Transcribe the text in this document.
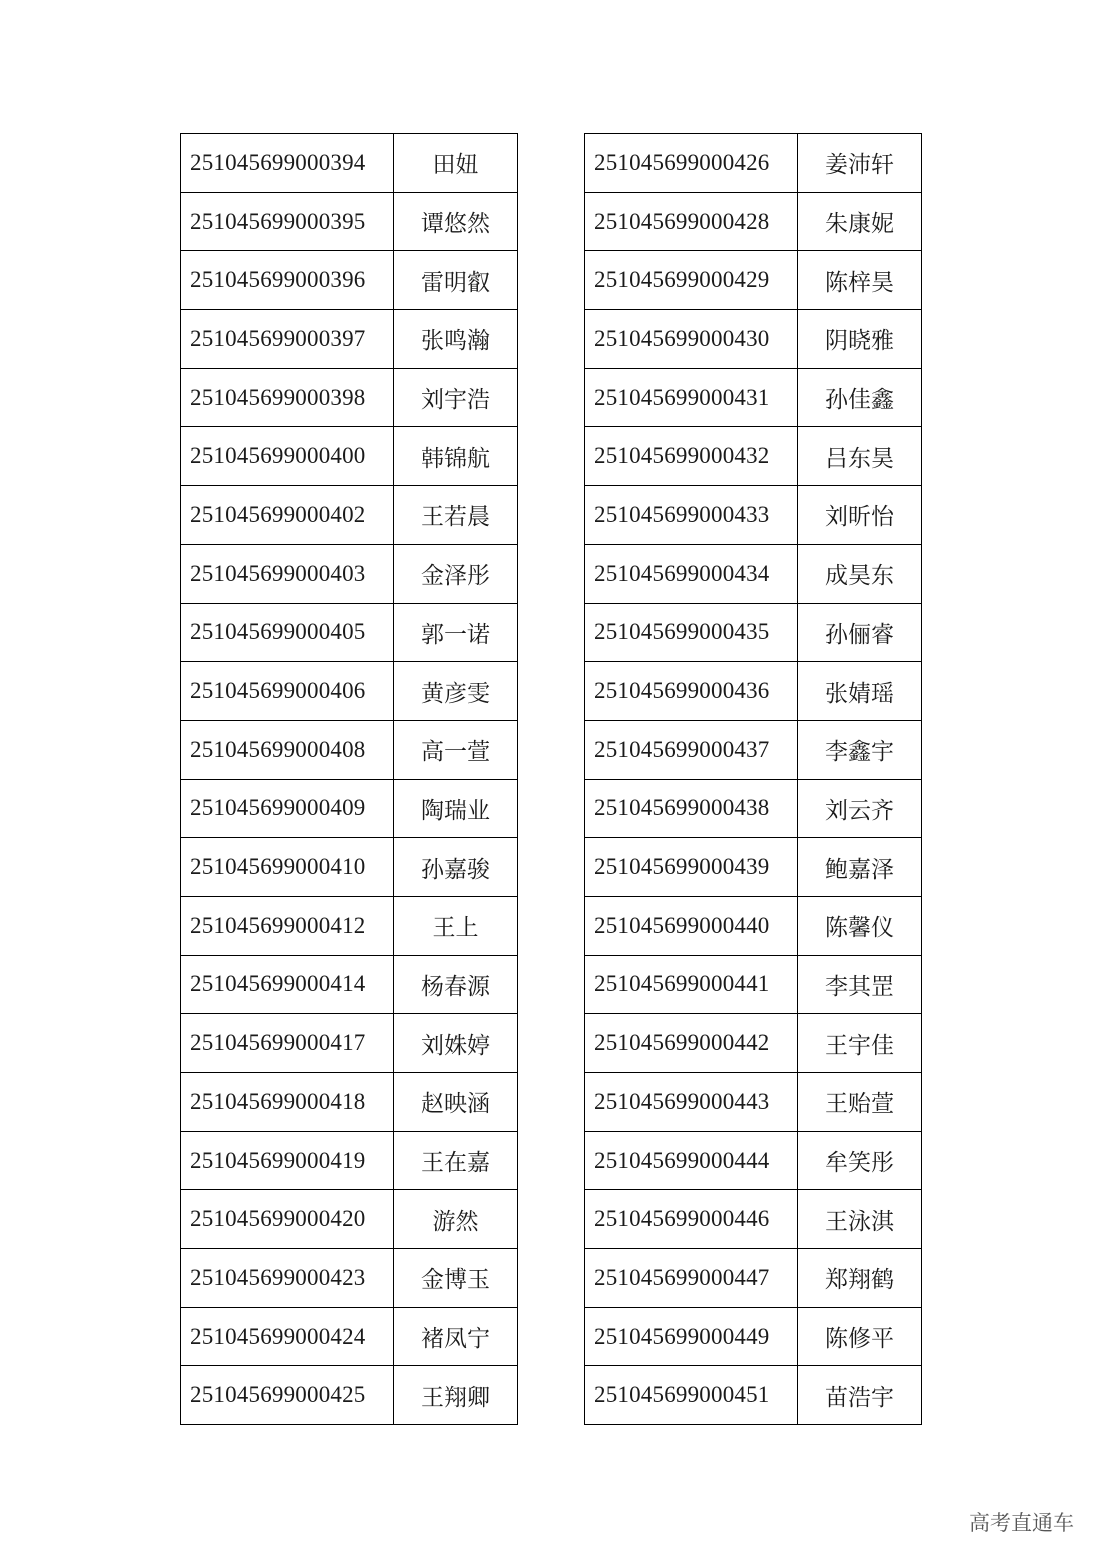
251045699000394	田妞
251045699000395	谭悠然
251045699000396	雷明叡
251045699000397	张鸣瀚
251045699000398	刘宇浩
251045699000400	韩锦航
251045699000402	王若晨
251045699000403	金泽彤
251045699000405	郭一诺
251045699000406	黄彦雯
251045699000408	高一萱
251045699000409	陶瑞业
251045699000410	孙嘉骏
251045699000412	王上
251045699000414	杨春源
251045699000417	刘姝婷
251045699000418	赵映涵
251045699000419	王在嘉
251045699000420	游然
251045699000423	金博玉
251045699000424	褚凤宁
251045699000425	王翔卿
251045699000426	姜沛轩
251045699000428	朱康妮
251045699000429	陈梓昊
251045699000430	阴晓雅
251045699000431	孙佳鑫
251045699000432	吕东昊
251045699000433	刘昕怡
251045699000434	成昊东
251045699000435	孙俪睿
251045699000436	张婧瑶
251045699000437	李鑫宇
251045699000438	刘云齐
251045699000439	鲍嘉泽
251045699000440	陈馨仪
251045699000441	李其罡
251045699000442	王宇佳
251045699000443	王贻萱
251045699000444	牟笑彤
251045699000446	王泳淇
251045699000447	郑翔鹤
251045699000449	陈修平
251045699000451	苗浩宇
高考直通车
